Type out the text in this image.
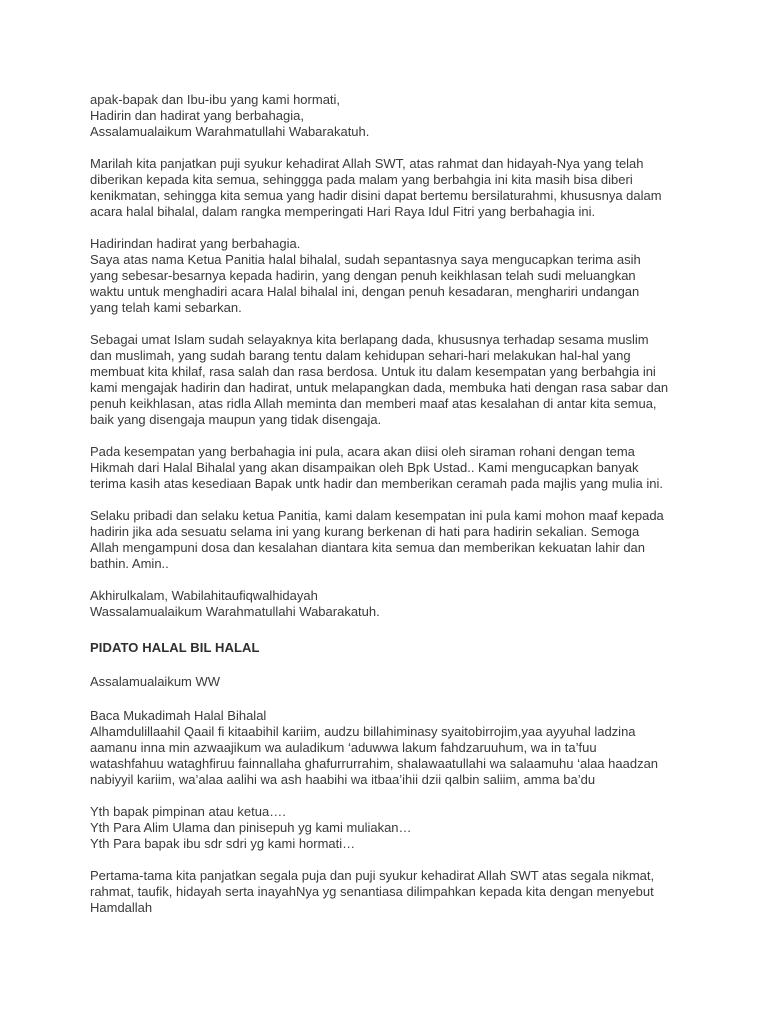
apak-bapak dan Ibu-ibu yang kami hormati,
Hadirin dan hadirat yang berbahagia,
Assalamualaikum Warahmatullahi Wabarakatuh.
Marilah kita panjatkan puji syukur kehadirat Allah SWT, atas rahmat dan hidayah-Nya yang telah
diberikan kepada kita semua, sehinggga pada malam yang berbahgia ini kita masih bisa diberi
kenikmatan, sehingga kita semua yang hadir disini dapat bertemu bersilaturahmi, khususnya dalam
acara halal bihalal, dalam rangka memperingati Hari Raya Idul Fitri yang berbahagia ini.
Hadirindan hadirat yang berbahagia.
Saya atas nama Ketua Panitia halal bihalal, sudah sepantasnya saya mengucapkan terima asih
yang sebesar-besarnya kepada hadirin, yang dengan penuh keikhlasan telah sudi meluangkan
waktu untuk menghadiri acara Halal bihalal ini, dengan penuh kesadaran, menghariri undangan
yang telah kami sebarkan.
Sebagai umat Islam sudah selayaknya kita berlapang dada, khususnya terhadap sesama muslim
dan muslimah, yang sudah barang tentu dalam kehidupan sehari-hari melakukan hal-hal yang
membuat kita khilaf, rasa salah dan rasa berdosa. Untuk itu dalam kesempatan yang berbahgia ini
kami mengajak hadirin dan hadirat, untuk melapangkan dada, membuka hati dengan rasa sabar dan
penuh keikhlasan, atas ridla Allah meminta dan memberi maaf atas kesalahan di antar kita semua,
baik yang disengaja maupun yang tidak disengaja.
Pada kesempatan yang berbahagia ini pula, acara akan diisi oleh siraman rohani dengan tema
Hikmah dari Halal Bihalal yang akan disampaikan oleh Bpk Ustad.. Kami mengucapkan banyak
terima kasih atas kesediaan Bapak untk hadir dan memberikan ceramah pada majlis yang mulia ini.
Selaku pribadi dan selaku ketua Panitia, kami dalam kesempatan ini pula kami mohon maaf kepada
hadirin jika ada sesuatu selama ini yang kurang berkenan di hati para hadirin sekalian. Semoga
Allah mengampuni dosa dan kesalahan diantara kita semua dan memberikan kekuatan lahir dan
bathin. Amin..
Akhirulkalam, Wabilahitaufiqwalhidayah
Wassalamualaikum Warahmatullahi Wabarakatuh.
PIDATO HALAL BIL HALAL
Assalamualaikum WW
Baca Mukadimah Halal Bihalal
Alhamdulillaahil Qaail fi kitaabihil kariim, audzu billahiminasy syaitobirrojim,yaa ayyuhal ladzina
aamanu inna min azwaajikum wa auladikum ‘aduwwa lakum fahdzaruuhum, wa in ta’fuu
watashfahuu wataghfiruu fainnallaha ghafurrurrahim, shalawaatullahi wa salaamuhu ‘alaa haadzan
nabiyyil kariim, wa’alaa aalihi wa ash haabihi wa itbaa’ihii dzii qalbin saliim, amma ba’du
Yth bapak pimpinan atau ketua….
Yth Para Alim Ulama dan pinisepuh yg kami muliakan…
Yth Para bapak ibu sdr sdri yg kami hormati…
Pertama-tama kita panjatkan segala puja dan puji syukur kehadirat Allah SWT atas segala nikmat,
rahmat, taufik, hidayah serta inayahNya yg senantiasa dilimpahkan kepada kita dengan menyebut
Hamdallah
